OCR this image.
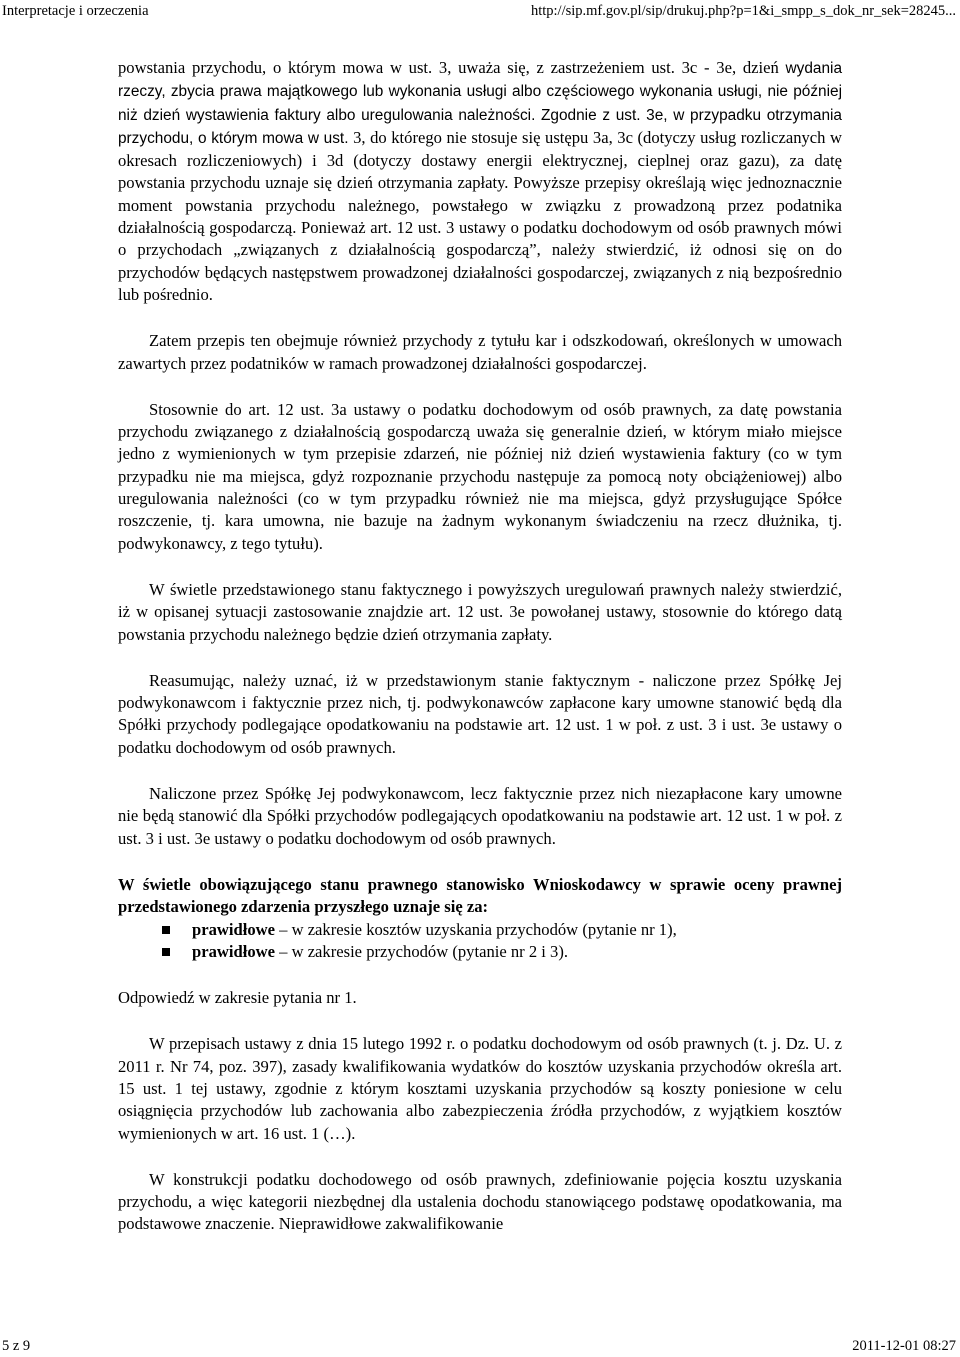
Interpretacje i orzeczenia	http://sip.mf.gov.pl/sip/drukuj.php?p=1&i_smpp_s_dok_nr_sek=28245...

powstania przychodu, o którym mowa w ust. 3, uważa się, z zastrzeżeniem ust. 3c - 3e, dzień wydania rzeczy, zbycia prawa majątkowego lub wykonania usługi albo częściowego wykonania usługi, nie później niż dzień wystawienia faktury albo uregulowania należności. Zgodnie z ust. 3e, w przypadku otrzymania przychodu, o którym mowa w ust. 3, do którego nie stosuje się ustępu 3a, 3c (dotyczy usług rozliczanych w okresach rozliczeniowych) i 3d (dotyczy dostawy energii elektrycznej, cieplnej oraz gazu), za datę powstania przychodu uznaje się dzień otrzymania zapłaty. Powyższe przepisy określają więc jednoznacznie moment powstania przychodu należnego, powstałego w związku z prowadzoną przez podatnika działalnością gospodarczą. Ponieważ art. 12 ust. 3 ustawy o podatku dochodowym od osób prawnych mówi o przychodach „związanych z działalnością gospodarczą”, należy stwierdzić, iż odnosi się on do przychodów będących następstwem prowadzonej działalności gospodarczej, związanych z nią bezpośrednio lub pośrednio.

Zatem przepis ten obejmuje również przychody z tytułu kar i odszkodowań, określonych w umowach zawartych przez podatników w ramach prowadzonej działalności gospodarczej.

Stosownie do art. 12 ust. 3a ustawy o podatku dochodowym od osób prawnych, za datę powstania przychodu związanego z działalnością gospodarczą uważa się generalnie dzień, w którym miało miejsce jedno z wymienionych w tym przepisie zdarzeń, nie później niż dzień wystawienia faktury (co w tym przypadku nie ma miejsca, gdyż rozpoznanie przychodu następuje za pomocą noty obciążeniowej) albo uregulowania należności (co w tym przypadku również nie ma miejsca, gdyż przysługujące Spółce roszczenie, tj. kara umowna, nie bazuje na żadnym wykonanym świadczeniu na rzecz dłużnika, tj. podwykonawcy, z tego tytułu).

W świetle przedstawionego stanu faktycznego i powyższych uregulowań prawnych należy stwierdzić, iż w opisanej sytuacji zastosowanie znajdzie art. 12 ust. 3e powołanej ustawy, stosownie do którego datą powstania przychodu należnego będzie dzień otrzymania zapłaty.

Reasumując, należy uznać, iż w przedstawionym stanie faktycznym - naliczone przez Spółkę Jej podwykonawcom i faktycznie przez nich, tj. podwykonawców zapłacone kary umowne stanowić będą dla Spółki przychody podlegające opodatkowaniu na podstawie art. 12 ust. 1 w poł. z ust. 3 i ust. 3e ustawy o podatku dochodowym od osób prawnych.

Naliczone przez Spółkę Jej podwykonawcom, lecz faktycznie przez nich niezapłacone kary umowne nie będą stanowić dla Spółki przychodów podlegających opodatkowaniu na podstawie art. 12 ust. 1 w poł. z ust. 3 i ust. 3e ustawy o podatku dochodowym od osób prawnych.

W świetle obowiązującego stanu prawnego stanowisko Wnioskodawcy w sprawie oceny prawnej przedstawionego zdarzenia przyszłego uznaje się za:

prawidłowe – w zakresie kosztów uzyskania przychodów (pytanie nr 1),
prawidłowe – w zakresie przychodów (pytanie nr 2 i 3).

Odpowiedź w zakresie pytania nr 1.

W przepisach ustawy z dnia 15 lutego 1992 r. o podatku dochodowym od osób prawnych (t. j. Dz. U. z 2011 r. Nr 74, poz. 397), zasady kwalifikowania wydatków do kosztów uzyskania przychodów określa art. 15 ust. 1 tej ustawy, zgodnie z którym kosztami uzyskania przychodów są koszty poniesione w celu osiągnięcia przychodów lub zachowania albo zabezpieczenia źródła przychodów, z wyjątkiem kosztów wymienionych w art. 16 ust. 1 (…).

W konstrukcji podatku dochodowego od osób prawnych, zdefiniowanie pojęcia kosztu uzyskania przychodu, a więc kategorii niezbędnej dla ustalenia dochodu stanowiącego podstawę opodatkowania, ma podstawowe znaczenie. Nieprawidłowe zakwalifikowanie

5 z 9	2011-12-01 08:27
